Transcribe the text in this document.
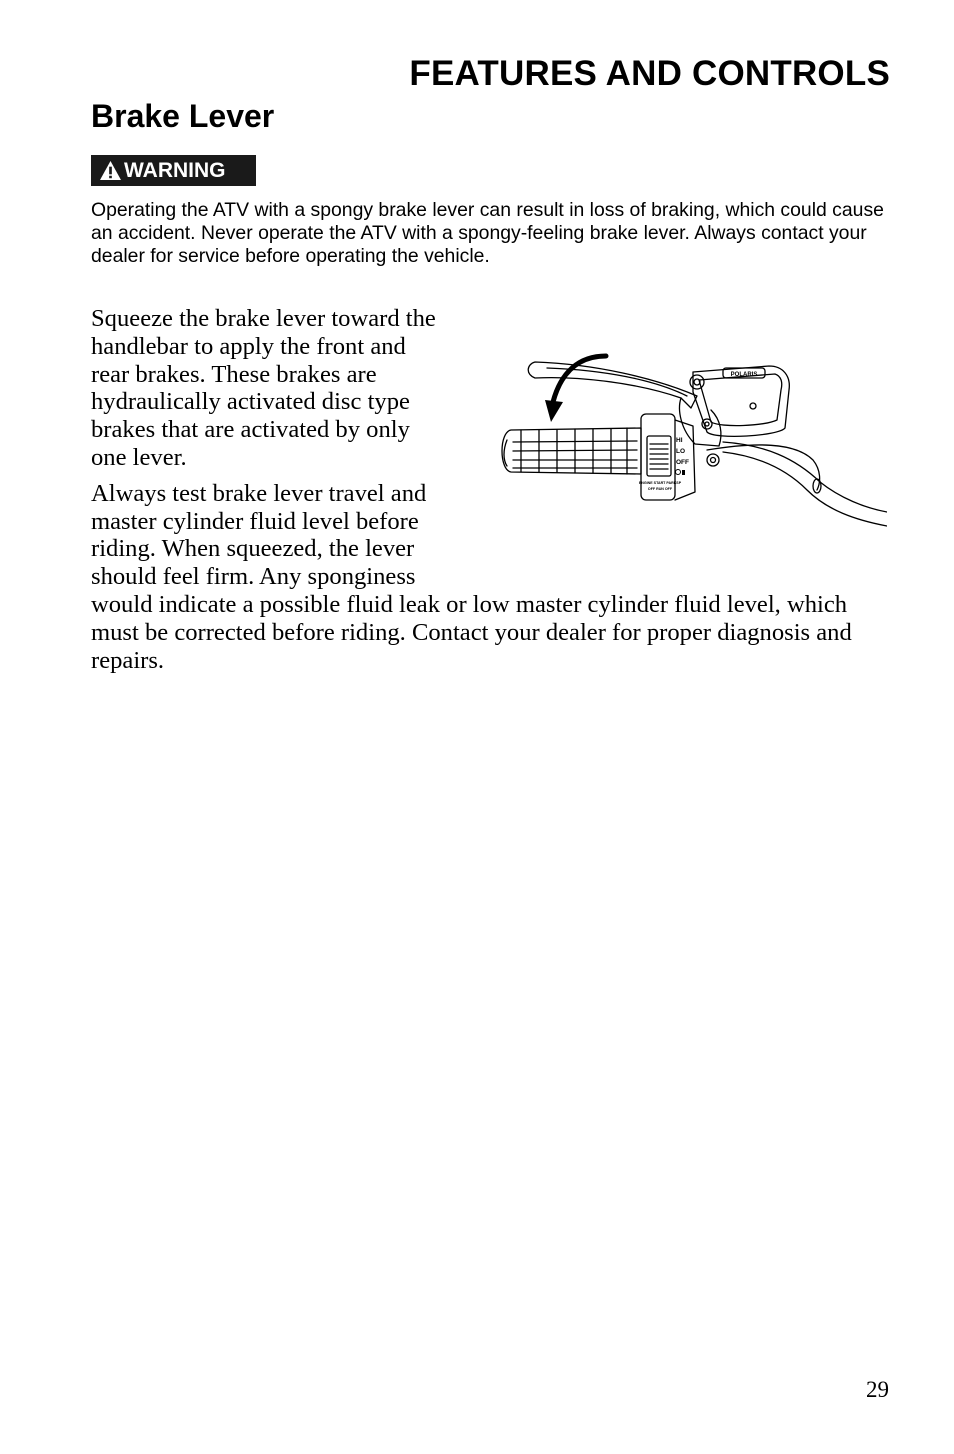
FEATURES AND CONTROLS
Brake Lever
WARNING

Operating the ATV with a spongy brake lever can result in loss of braking, which could cause an accident. Never operate the ATV with a spongy-feeling brake lever. Always contact your dealer for service before operating the vehicle.

Squeeze the brake lever toward the handlebar to apply the front and rear brakes. These brakes are hydraulically activated disc type brakes that are activated by only one lever.

Always test brake lever travel and master cylinder fluid level before riding. When squeezed, the lever should feel firm. Any sponginess would indicate a possible fluid leak or low master cylinder fluid level, which must be corrected before riding. Contact your dealer for proper diagnosis and repairs.

POLARIS
HI
LO
OFF
ENGINE START PARKSP
OFF RUN OFF
29
